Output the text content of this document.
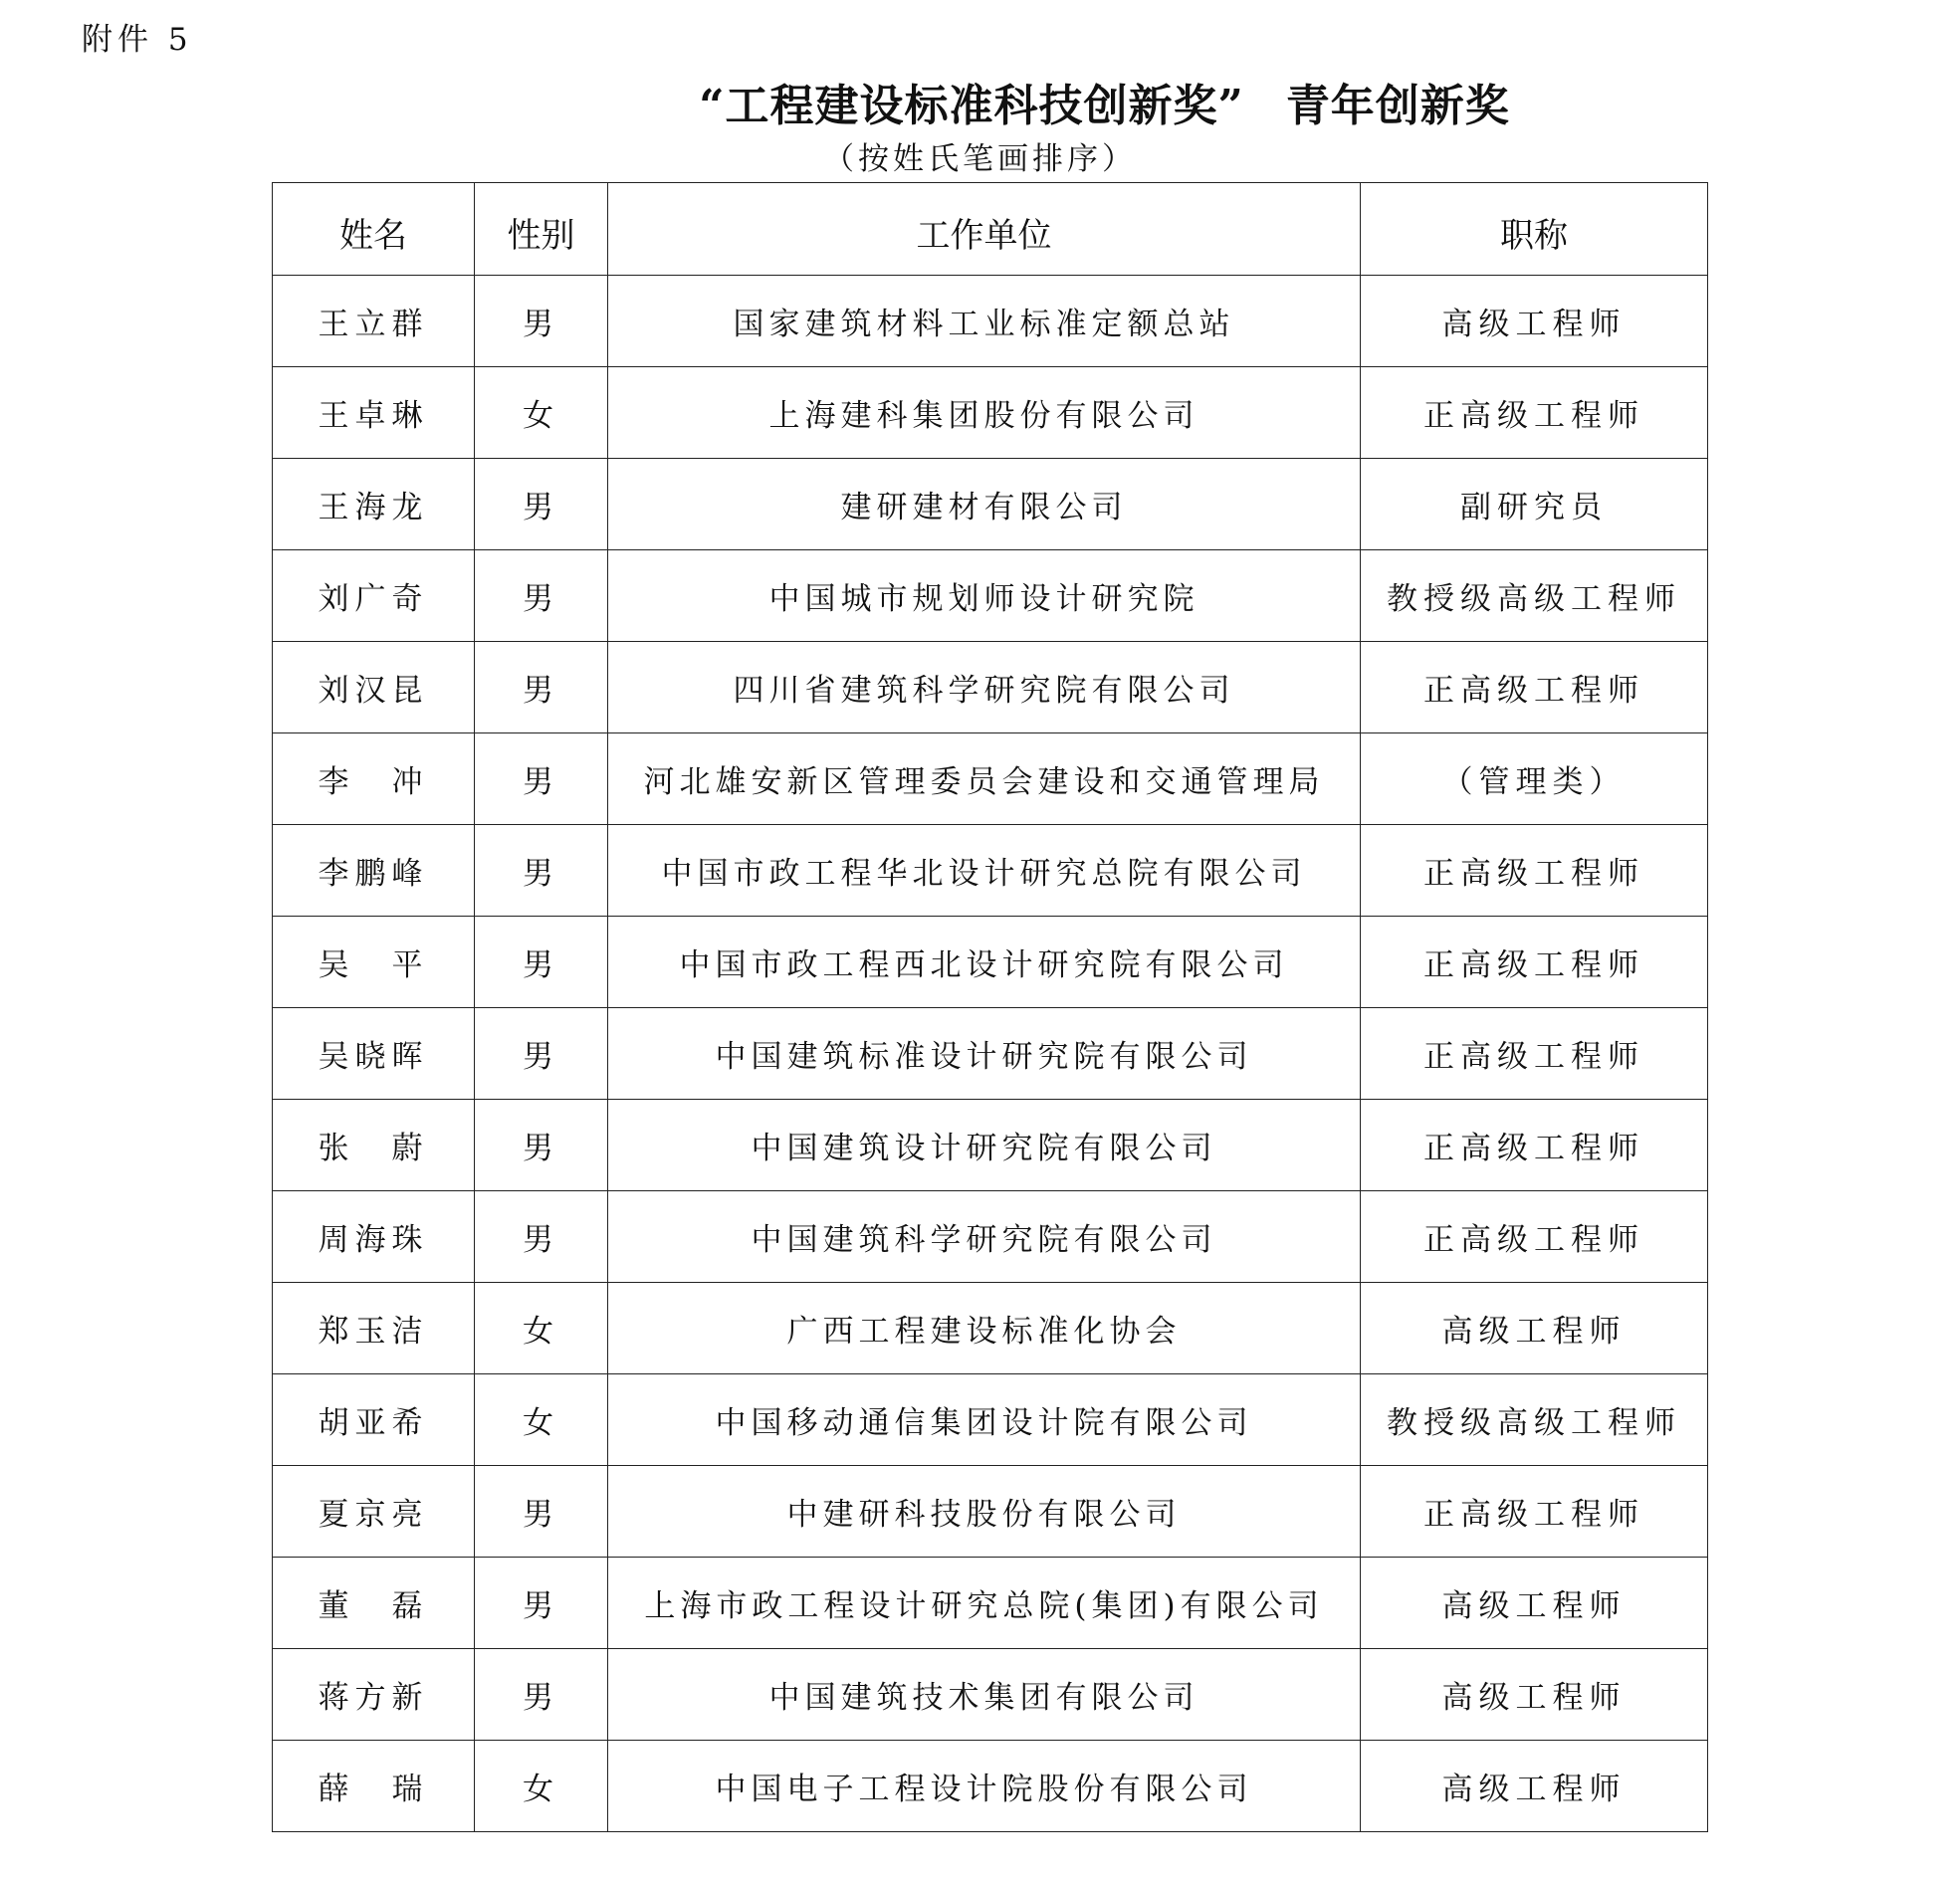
附件 5
“工程建设标准科技创新奖” 青年创新奖
（按姓氏笔画排序）
姓名	性别	工作单位	职称
王立群	男	国家建筑材料工业标准定额总站	高级工程师
王卓琳	女	上海建科集团股份有限公司	正高级工程师
王海龙	男	建研建材有限公司	副研究员
刘广奇	男	中国城市规划师设计研究院	教授级高级工程师
刘汉昆	男	四川省建筑科学研究院有限公司	正高级工程师
李　冲	男	河北雄安新区管理委员会建设和交通管理局	（管理类）
李鹏峰	男	中国市政工程华北设计研究总院有限公司	正高级工程师
吴　平	男	中国市政工程西北设计研究院有限公司	正高级工程师
吴晓晖	男	中国建筑标准设计研究院有限公司	正高级工程师
张　蔚	男	中国建筑设计研究院有限公司	正高级工程师
周海珠	男	中国建筑科学研究院有限公司	正高级工程师
郑玉洁	女	广西工程建设标准化协会	高级工程师
胡亚希	女	中国移动通信集团设计院有限公司	教授级高级工程师
夏京亮	男	中建研科技股份有限公司	正高级工程师
董　磊	男	上海市政工程设计研究总院(集团)有限公司	高级工程师
蒋方新	男	中国建筑技术集团有限公司	高级工程师
薛　瑞	女	中国电子工程设计院股份有限公司	高级工程师
